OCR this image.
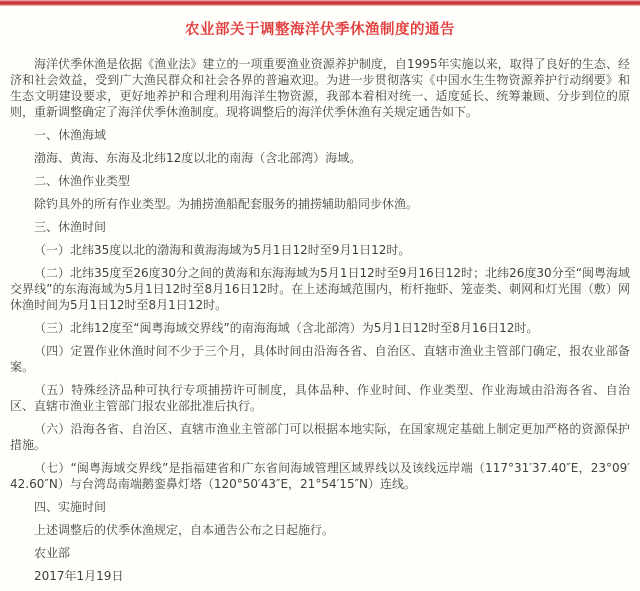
农业部关于调整海洋伏季休渔制度的通告

海洋伏季休渔是依据《渔业法》建立的一项重要渔业资源养护制度，自1995年实施以来，取得了良好的生态、经济和社会效益，受到广大渔民群众和社会各界的普遍欢迎。为进一步贯彻落实《中国水生生物资源养护行动纲要》和生态文明建设要求，更好地养护和合理利用海洋生物资源，我部本着相对统一、适度延长、统筹兼顾、分步到位的原则，重新调整确定了海洋伏季休渔制度。现将调整后的海洋伏季休渔有关规定通告如下。

一、休渔海域

渤海、黄海、东海及北纬12度以北的南海（含北部湾）海域。

二、休渔作业类型

除钓具外的所有作业类型。为捕捞渔船配套服务的捕捞辅助船同步休渔。

三、休渔时间

（一）北纬35度以北的渤海和黄海海域为5月1日12时至9月1日12时。

（二）北纬35度至26度30分之间的黄海和东海海域为5月1日12时至9月16日12时；北纬26度30分至“闽粤海域交界线”的东海海域为5月1日12时至8月16日12时。在上述海域范围内，桁杆拖虾、笼壶类、刺网和灯光围（敷）网休渔时间为5月1日12时至8月1日12时。

（三）北纬12度至“闽粤海域交界线”的南海海域（含北部湾）为5月1日12时至8月16日12时。

（四）定置作业休渔时间不少于三个月，具体时间由沿海各省、自治区、直辖市渔业主管部门确定，报农业部备案。

（五）特殊经济品种可执行专项捕捞许可制度，具体品种、作业时间、作业类型、作业海域由沿海各省、自治区、直辖市渔业主管部门报农业部批准后执行。

（六）沿海各省、自治区、直辖市渔业主管部门可以根据本地实际，在国家规定基础上制定更加严格的资源保护措施。

（七）“闽粤海域交界线”是指福建省和广东省间海域管理区域界线以及该线远岸端（117°31′37.40″E，23°09′42.60″N）与台湾岛南端鹅銮鼻灯塔（120°50′43″E，21°54′15″N）连线。

四、实施时间

上述调整后的伏季休渔规定，自本通告公布之日起施行。

农业部

2017年1月19日
